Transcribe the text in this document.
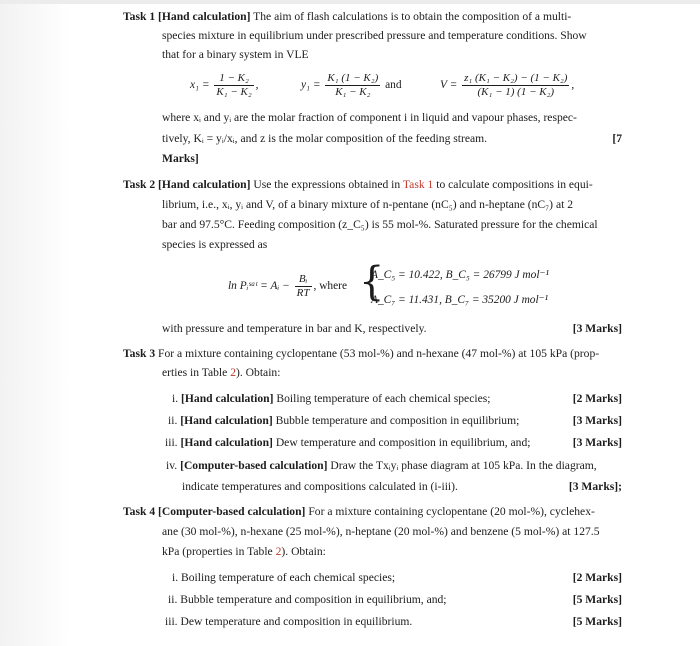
Task 1 [Hand calculation] The aim of flash calculations is to obtain the composition of a multi-
species mixture in equilibrium under prescribed pressure and temperature conditions. Show
that for a binary system in VLE
$x_1 = \frac{\text{1 − K₂}}{\text{K₁ − K₂}}$ ,	$y_1 = \frac{\text{K₁ (1 − K₂)}}{\text{K₁ − K₂}}$ and	$V = \frac{\text{z₁ (K₁ − K₂) − (1 − K₂)}}{\text{(K₁ − 1) (1 − K₂)}}$ ,
where xᵢ and yᵢ are the molar fraction of component i in liquid and vapour phases, respec-
tively, Kᵢ = yᵢ/xᵢ, and z is the molar composition of the feeding stream.	[7
Marks]
Task 2 [Hand calculation] Use the expressions obtained in Task 1 to calculate compositions in equi-
librium, i.e., xᵢ, yᵢ and V, of a binary mixture of n-pentane (nC₅) and n-heptane (nC₇) at 2
bar and 97.5°C. Feeding composition (z_C₅) is 55 mol-%. Saturated pressure for the chemical
species is expressed as
ln Pᵢˢᵃᵗ = Aᵢ − $\frac{\text{Bᵢ}}{RT}$ , where {
A_C₅ = 10.422, B_C₅ = 26799 J mol⁻¹
A_C₇ = 11.431, B_C₇ = 35200 J mol⁻¹
with pressure and temperature in bar and K, respectively.	[3 Marks]
Task 3 For a mixture containing cyclopentane (53 mol-%) and n-hexane (47 mol-%) at 105 kPa (prop-
erties in Table 2). Obtain:
i. [Hand calculation] Boiling temperature of each chemical species;	[2 Marks]
ii. [Hand calculation] Bubble temperature and composition in equilibrium;	[3 Marks]
iii. [Hand calculation] Dew temperature and composition in equilibrium, and;	[3 Marks]
iv. [Computer-based calculation] Draw the Txᵢyᵢ phase diagram at 105 kPa. In the diagram,
indicate temperatures and compositions calculated in (i-iii).	[3 Marks];
Task 4 [Computer-based calculation] For a mixture containing cyclopentane (20 mol-%), cyclehex-
ane (30 mol-%), n-hexane (25 mol-%), n-heptane (20 mol-%) and benzene (5 mol-%) at 127.5
kPa (properties in Table 2). Obtain:
i. Boiling temperature of each chemical species;	[2 Marks]
ii. Bubble temperature and composition in equilibrium, and;	[5 Marks]
iii. Dew temperature and composition in equilibrium.	[5 Marks]
